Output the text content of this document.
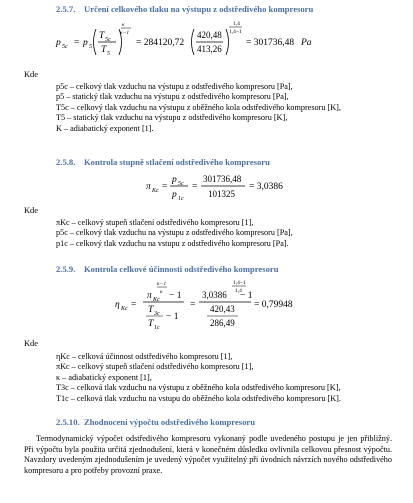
2.5.7. Určení celkového tlaku na výstupu z odstředivého kompresoru
p 5c = p 5
T 5c
T 5
κ
κ−1
= 284120,72
420,48
413,26
1,4
1,4−1
= 301736,48 Pa
Kde
p5c – celkový tlak vzduchu na výstupu z odstředivého kompresoru [Pa],
p5 – statický tlak vzduchu na výstupu z odstředivého kompresoru [Pa],
T5c – celkový tlak vzduchu na výstupu z oběžného kola odstředivého kompresoru [K],
T5 – statický tlak vzduchu na výstupu z odstředivého kompresoru [K],
K – adiabatický exponent [1].
2.5.8. Kontrola stupně stlačení odstředivého kompresoru
π Kc =
p 5c
p 1c
=
301736,48
101325
= 3,0386
Kde
πKc – celkový stupeň stlačení odstředivého kompresoru [1],
p5c – celkový tlak vzduchu na výstupu z odstředivého kompresoru [Pa],
p1c – celkový tlak vzduchu na vstupu z odstředivého kompresoru [Pa].
2.5.9. Kontrola celkové účinnosti odstředivého kompresoru
η Kc =
π Kc
κ−1
κ − 1
T 3c
T 1c
− 1
=
3,0386
1,4−1
1,4
− 1
420,43
286,49
= 0,79948
Kde
ηKc – celková účinnost odstředivého kompresoru [1],
πKc – celkový stupeň stlačení odstředivého kompresoru [1],
κ – adiabatický exponent [1],
T3c – celková tlak vzduchu na výstupu z oběžného kola odstředivého kompresoru [K],
T1c – celková tlak vzduchu na vstupu do oběžného kola odstředivého kompresoru [K].
2.5.10. Zhodnocení výpočtu odstředivého kompresoru

Termodynamický výpočet odstředivého kompresoru vykonaný podle uvedeného postupu je jen přibližný. Při výpočtu byla použita určitá zjednodušení, která v konečném důsledku ovlivnila celkovou přesnost výpočtu. Navzdory uvedeným zjednodušením je uvedený výpočet využitelný při úvodních návrzích nového odstředivého kompresoru a pro potřeby provozní praxe.
